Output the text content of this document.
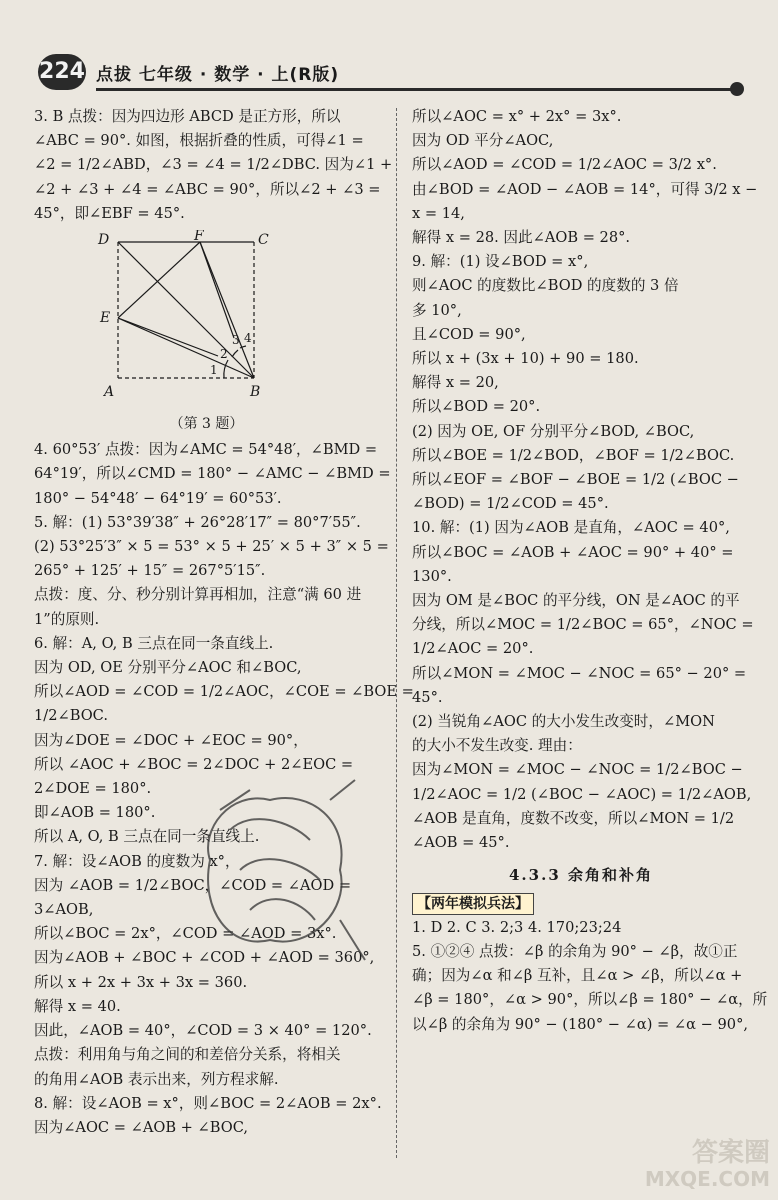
224 点拔 七年级 · 数学 · 上(R版)
3. B 点拨：因为四边形 ABCD 是正方形，所以
∠ABC = 90°. 如图，根据折叠的性质，可得∠1 =
∠2 = 1/2∠ABD，∠3 = ∠4 = 1/2∠DBC. 因为∠1 +
∠2 + ∠3 + ∠4 = ∠ABC = 90°，所以∠2 + ∠3 =
45°，即∠EBF = 45°.
D	F	C
E
A	B
1
2
3 4
（第 3 题）
4. 60°53′ 点拨：因为∠AMC = 54°48′，∠BMD =
64°19′，所以∠CMD = 180° − ∠AMC − ∠BMD =
180° − 54°48′ − 64°19′ = 60°53′.
5. 解：(1) 53°39′38″ + 26°28′17″ = 80°7′55″.
(2) 53°25′3″ × 5 = 53° × 5 + 25′ × 5 + 3″ × 5 =
265° + 125′ + 15″ = 267°5′15″.
点拨：度、分、秒分别计算再相加，注意“满 60 进
1”的原则.
6. 解：A, O, B 三点在同一条直线上.
因为 OD, OE 分别平分∠AOC 和∠BOC,
所以∠AOD = ∠COD = 1/2∠AOC，∠COE = ∠BOE =
1/2∠BOC.
因为∠DOE = ∠DOC + ∠EOC = 90°，
所以 ∠AOC + ∠BOC = 2∠DOC + 2∠EOC =
2∠DOE = 180°.
即∠AOB = 180°.
所以 A, O, B 三点在同一条直线上.
7. 解：设∠AOB 的度数为 x°，
因为 ∠AOB = 1/2∠BOC，∠COD = ∠AOD =
3∠AOB,
所以∠BOC = 2x°，∠COD = ∠AOD = 3x°.
因为∠AOB + ∠BOC + ∠COD + ∠AOD = 360°,
所以 x + 2x + 3x + 3x = 360.
解得 x = 40.
因此，∠AOB = 40°，∠COD = 3 × 40° = 120°.
点拨：利用角与角之间的和差倍分关系，将相关
的角用∠AOB 表示出来，列方程求解.
8. 解：设∠AOB = x°，则∠BOC = 2∠AOB = 2x°.
因为∠AOC = ∠AOB + ∠BOC,
所以∠AOC = x° + 2x° = 3x°.
因为 OD 平分∠AOC,
所以∠AOD = ∠COD = 1/2∠AOC = 3/2 x°.
由∠BOD = ∠AOD − ∠AOB = 14°，可得 3/2 x −
x = 14,
解得 x = 28. 因此∠AOB = 28°.
9. 解：(1) 设∠BOD = x°,
则∠AOC 的度数比∠BOD 的度数的 3 倍
多 10°,
且∠COD = 90°,
所以 x + (3x + 10) + 90 = 180.
解得 x = 20,
所以∠BOD = 20°.
(2) 因为 OE, OF 分别平分∠BOD, ∠BOC,
所以∠BOE = 1/2∠BOD，∠BOF = 1/2∠BOC.
所以∠EOF = ∠BOF − ∠BOE = 1/2 (∠BOC −
∠BOD) = 1/2∠COD = 45°.
10. 解：(1) 因为∠AOB 是直角，∠AOC = 40°,
所以∠BOC = ∠AOB + ∠AOC = 90° + 40° =
130°.
因为 OM 是∠BOC 的平分线，ON 是∠AOC 的平
分线，所以∠MOC = 1/2∠BOC = 65°，∠NOC =
1/2∠AOC = 20°.
所以∠MON = ∠MOC − ∠NOC = 65° − 20° =
45°.
(2) 当锐角∠AOC 的大小发生改变时，∠MON
的大小不发生改变. 理由：
因为∠MON = ∠MOC − ∠NOC = 1/2∠BOC −
1/2∠AOC = 1/2 (∠BOC − ∠AOC) = 1/2∠AOB,
∠AOB 是直角，度数不改变，所以∠MON = 1/2
∠AOB = 45°.
4.3.3 余角和补角
【两年模拟兵法】
1. D 2. C 3. 2;3 4. 170;23;24
5. ①②④ 点拨：∠β 的余角为 90° − ∠β，故①正
确；因为∠α 和∠β 互补，且∠α > ∠β，所以∠α +
∠β = 180°，∠α > 90°，所以∠β = 180° − ∠α，所
以∠β 的余角为 90° − (180° − ∠α) = ∠α − 90°,
答案圈
MXQE.COM
